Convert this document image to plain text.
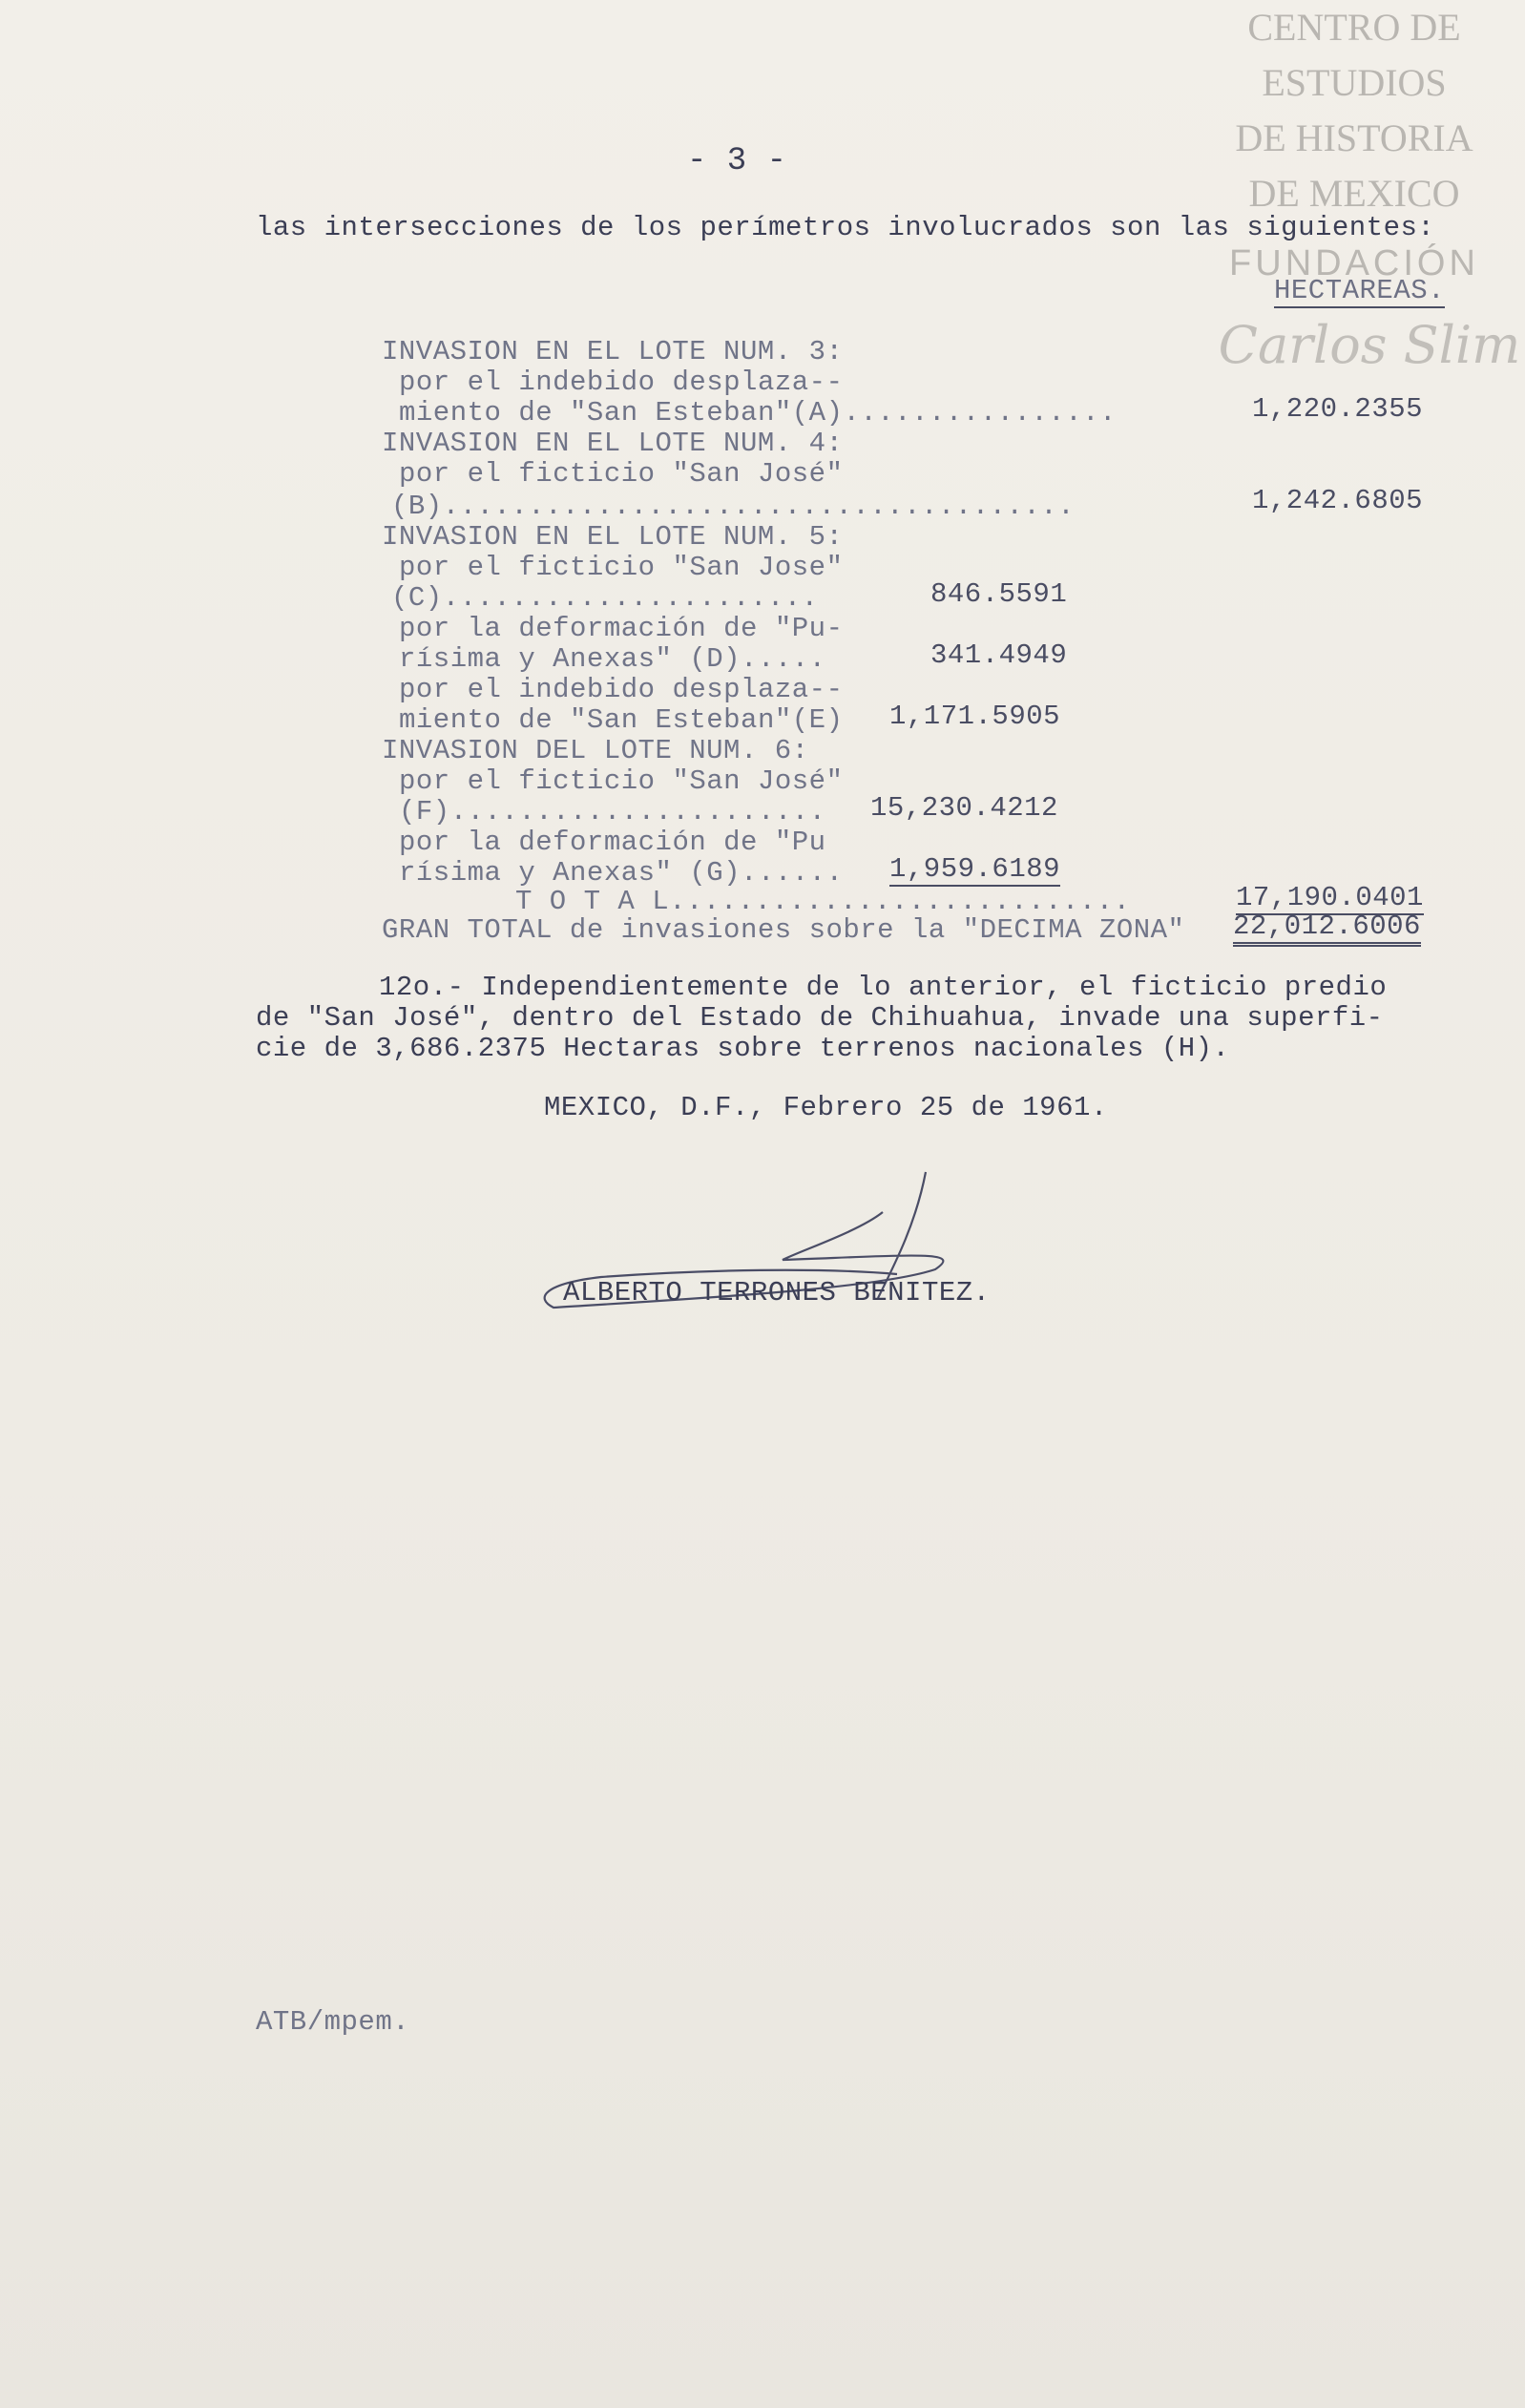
CENTRO DE
ESTUDIOS
DE HISTORIA
DE MEXICO
FUNDACIÓN
Carlos Slim
- 3 -
las intersecciones de los perímetros involucrados son las siguientes:
HECTAREAS.
INVASION EN EL LOTE NUM. 3:
por el indebido desplaza--
miento de "San Esteban"(A)................	1,220.2355
INVASION EN EL LOTE NUM. 4:
por el ficticio "San José"
(B).....................................	1,242.6805
INVASION EN EL LOTE NUM. 5:
por el ficticio "San Jose"
(C)......................	846.5591
por la deformación de "Pu-
rísima y Anexas" (D).....	341.4949
por el indebido desplaza--
miento de "San Esteban"(E) 1,171.5905
INVASION DEL LOTE NUM. 6:
por el ficticio "San José"
(F)...................... 15,230.4212
por la deformación de "Pu
rísima y Anexas" (G)...... 1,959.6189
T O T A L...........................	17,190.0401
GRAN TOTAL de invasiones sobre la "DECIMA ZONA" 22,012.6006
12o.- Independientemente de lo anterior, el ficticio predio
de "San José", dentro del Estado de Chihuahua, invade una superfi-
cie de 3,686.2375 Hectaras sobre terrenos nacionales (H).
MEXICO, D.F., Febrero 25 de 1961.
ALBERTO TERRONES BENITEZ.
ATB/mpem.
